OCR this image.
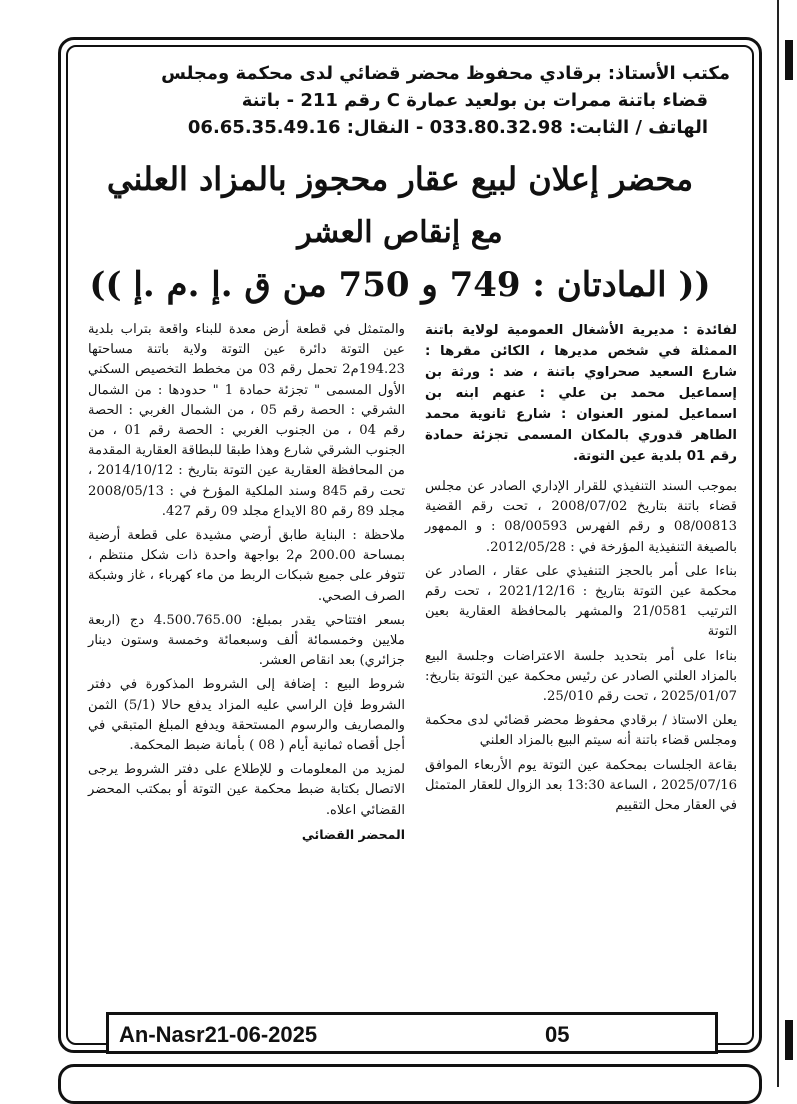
مكتب الأستاذ: برقادي محفوظ محضر قضائي لدى محكمة ومجلس
قضاء باتنة ممرات بن بولعيد عمارة C رقم 211 - باتنة
الهاتف / الثابت: 033.80.32.98 - النقال: 06.65.35.49.16
محضر إعلان لبيع عقار محجوز بالمزاد العلني
مع إنقاص العشر
(( المادتان : 749 و 750 من ق .إ .م .إ ))

لفائدة : مديرية الأشغال العمومية لولاية باتنة الممثلة في شخص مديرها ، الكائن مقرها : شارع السعيد صحراوي باتنة ، ضد : ورثة بن إسماعيل محمد بن علي : عنهم ابنه بن اسماعيل لمنور العنوان : شارع ثانوية محمد الطاهر قدوري بالمكان المسمى تجزئة حمادة رقم 01 بلدية عين التوتة.

بموجب السند التنفيذي للقرار الإداري الصادر عن مجلس قضاء باتنة بتاريخ 2008/07/02 ، تحت رقم القضية 08/00813 و رقم الفهرس 08/00593 : و الممهور بالصيغة التنفيذية المؤرخة في : 2012/05/28.

بناءا على أمر بالحجز التنفيذي على عقار ، الصادر عن محكمة عين التوتة بتاريخ : 2021/12/16 ، تحت رقم الترتيب 21/0581 والمشهر بالمحافظة العقارية بعين التوتة

بناءا على أمر بتحديد جلسة الاعتراضات وجلسة البيع بالمزاد العلني الصادر عن رئيس محكمة عين التوتة بتاريخ: 2025/01/07 ، تحت رقم 25/010.

يعلن الاستاذ / برقادي محفوظ محضر قضائي لدى محكمة ومجلس قضاء باتنة أنه سيتم البيع بالمزاد العلني

بقاعة الجلسات بمحكمة عين التوتة يوم الأربعاء الموافق 2025/07/16 ، الساعة 13:30 بعد الزوال للعقار المتمثل في العقار محل التقييم

والمتمثل في قطعة أرض معدة للبناء واقعة بتراب بلدية عين التوتة دائرة عين التوتة ولاية باتنة مساحتها 194.23م2 تحمل رقم 03 من مخطط التخصيص السكني الأول المسمى " تجزئة حمادة 1 " حدودها : من الشمال الشرقي : الحصة رقم 05 ، من الشمال الغربي : الحصة رقم 04 ، من الجنوب الغربي : الحصة رقم 01 ، من الجنوب الشرقي شارع وهذا طبقا للبطاقة العقارية المقدمة من المحافظة العقارية عين التوتة بتاريخ : 2014/10/12 ، تحت رقم 845 وسند الملكية المؤرخ في : 2008/05/13 مجلد 89 رقم 80 الايداع مجلد 09 رقم 427.

ملاحظة : البناية طابق أرضي مشيدة على قطعة أرضية بمساحة 200.00 م2 بواجهة واحدة ذات شكل منتظم ، تتوفر على جميع شبكات الربط من ماء كهرباء ، غاز وشبكة الصرف الصحي.

بسعر افتتاحي يقدر بمبلغ: 4.500.765.00 دج (اربعة ملايين وخمسمائة ألف وسبعمائة وخمسة وستون دينار جزائري) بعد انقاص العشر.

شروط البيع : إضافة إلى الشروط المذكورة في دفتر الشروط فإن الراسي عليه المزاد يدفع حالا (5/1) الثمن والمصاريف والرسوم المستحقة ويدفع المبلغ المتبقي في أجل أقصاه ثمانية أيام ( 08 ) بأمانة ضبط المحكمة.

لمزيد من المعلومات و للإطلاع على دفتر الشروط يرجى الاتصال بكتابة ضبط محكمة عين التوتة أو بمكتب المحضر القضائي اعلاه.

المحضر القضائي
An-Nasr21-06-2025	05
